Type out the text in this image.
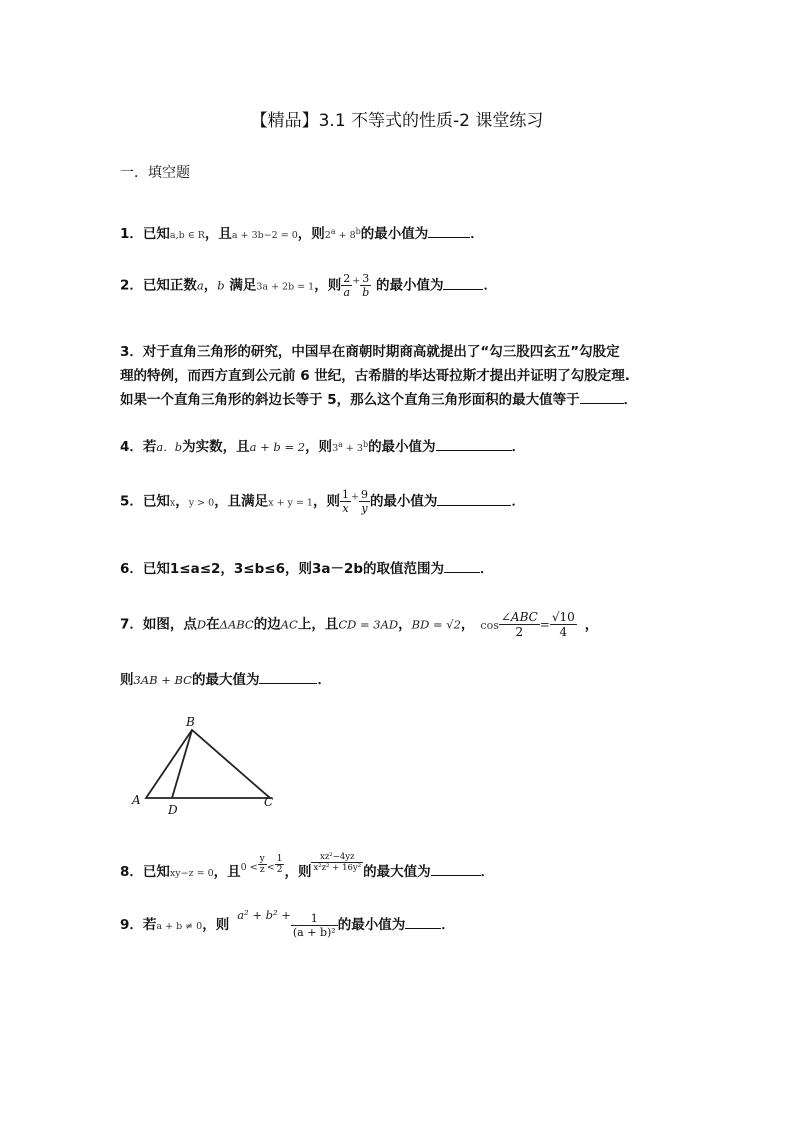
【精品】3.1 不等式的性质-2 课堂练习
一．填空题
1．已知a,b ∈ R，且a + 3b−2 = 0，则$2^a + 8^b$的最小值为	．
2．已知正数a，b 满足3a + 2b = 1，则 $\frac{2}{a} ^+ \frac{3}{b}$ 的最小值为	．
3．对于直角三角形的研究，中国早在商朝时期商高就提出了“勾三股四玄五”勾股定
理的特例，而西方直到公元前 6 世纪，古希腊的毕达哥拉斯才提出并证明了勾股定理.
如果一个直角三角形的斜边长等于 5，那么这个直角三角形面积的最大值等于	．
4．若a．b为实数，且a + b = 2，则$3^a + 3^b$的最小值为	．
5．已知x，y > 0，且满足x + y = 1，则 $\frac{1}{x} ^+ \frac{9}{y}$ 的最小值为	．
6．已知1≤a≤2，3≤b≤6，则3a－2b的取值范围为	．
7．如图，点D在ΔABC的边AC上，且CD = 3AD，BD = √2， $\cos \frac{\text{∠ABC}}{2} = \frac{√10}{4}$ ，
则3AB + BC的最大值为	．
B
A
D
C
8．已知xy−z = 0，且$^{0 <} \frac{y}{z} ^< \frac{1}{2}$ ，则 $\frac{\text{xz²−4yz}}{\text{x²z² + 16y²}}$ 的最大值为	．
9．若a + b ≠ 0，则$a^2 + b^2 + \frac{1}{\text{(a + b)²}}$ 的最小值为	．
